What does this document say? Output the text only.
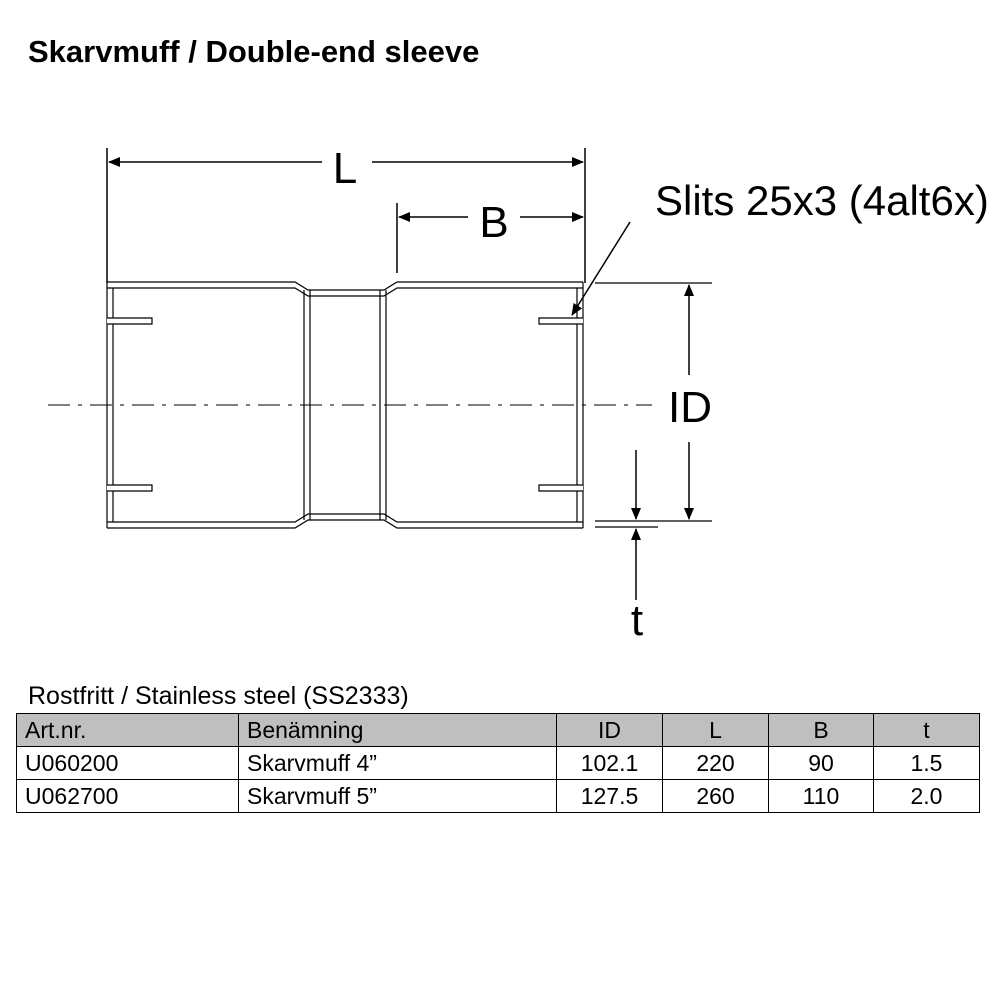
Skarvmuff / Double-end sleeve
L
B	Slits 25x3 (4alt6x)
ID
t
Rostfritt / Stainless steel (SS2333)
Art.nr.	Benämning	ID	L	B	t
U060200	Skarvmuff 4”	102.1	220	90	1.5
U062700	Skarvmuff 5”	127.5	260	110	2.0
